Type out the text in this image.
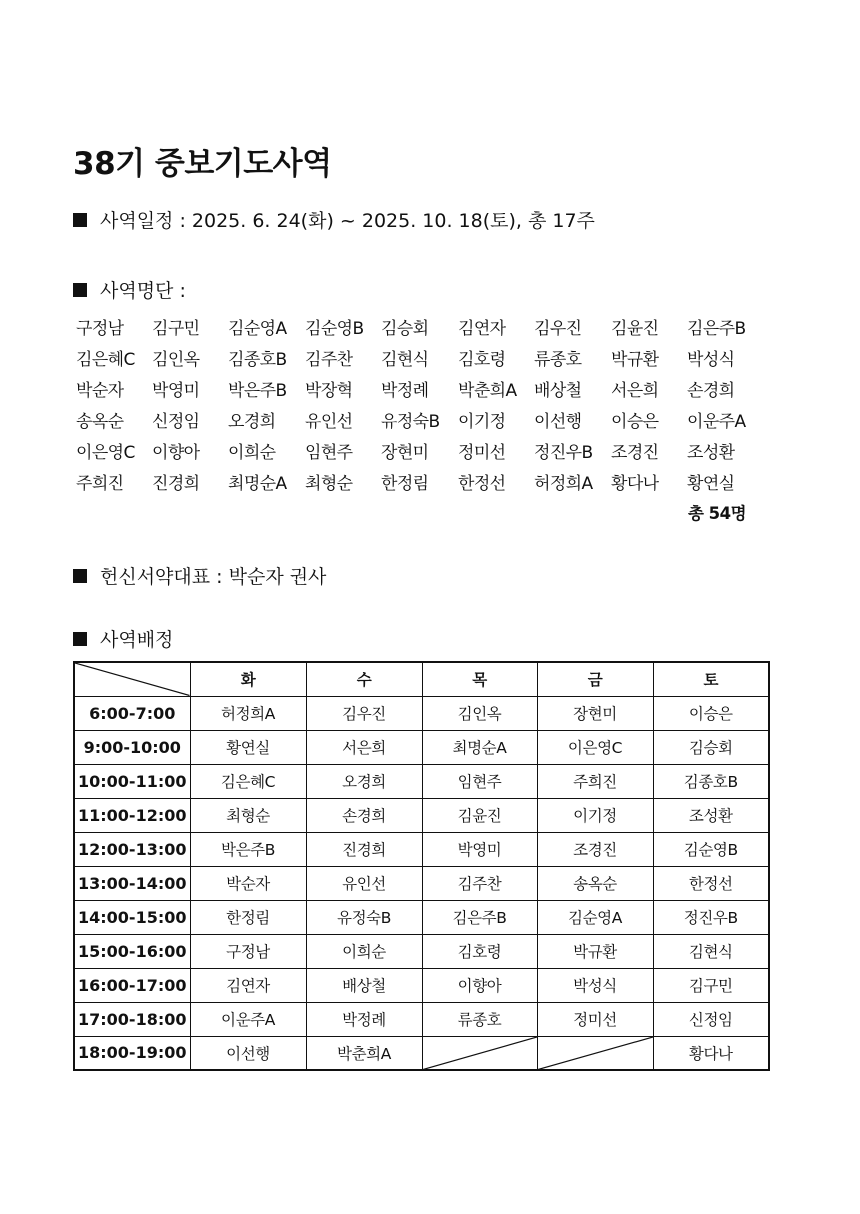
38기 중보기도사역
사역일정 : 2025. 6. 24(화) ~ 2025. 10. 18(토), 총 17주
사역명단 :
구정남	김구민	김순영A	김순영B	김승회	김연자	김우진	김윤진	김은주B
김은혜C	김인옥	김종호B	김주찬	김현식	김호령	류종호	박규환	박성식
박순자	박영미	박은주B	박장혁	박정례	박춘희A	배상철	서은희	손경희
송옥순	신정임	오경희	유인선	유정숙B	이기정	이선행	이승은	이운주A
이은영C	이향아	이희순	임현주	장현미	정미선	정진우B	조경진	조성환
주희진	진경희	최명순A	최형순	한정림	한정선	허정희A	황다나	황연실
총 54명
헌신서약대표 : 박순자 권사
사역배정
	화	수	목	금	토
6:00-7:00	허정희A	김우진	김인옥	장현미	이승은
9:00-10:00	황연실	서은희	최명순A	이은영C	김승회
10:00-11:00	김은혜C	오경희	임현주	주희진	김종호B
11:00-12:00	최형순	손경희	김윤진	이기정	조성환
12:00-13:00	박은주B	진경희	박영미	조경진	김순영B
13:00-14:00	박순자	유인선	김주찬	송옥순	한정선
14:00-15:00	한정림	유정숙B	김은주B	김순영A	정진우B
15:00-16:00	구정남	이희순	김호령	박규환	김현식
16:00-17:00	김연자	배상철	이향아	박성식	김구민
17:00-18:00	이운주A	박정례	류종호	정미선	신정임
18:00-19:00	이선행	박춘희A			황다나
